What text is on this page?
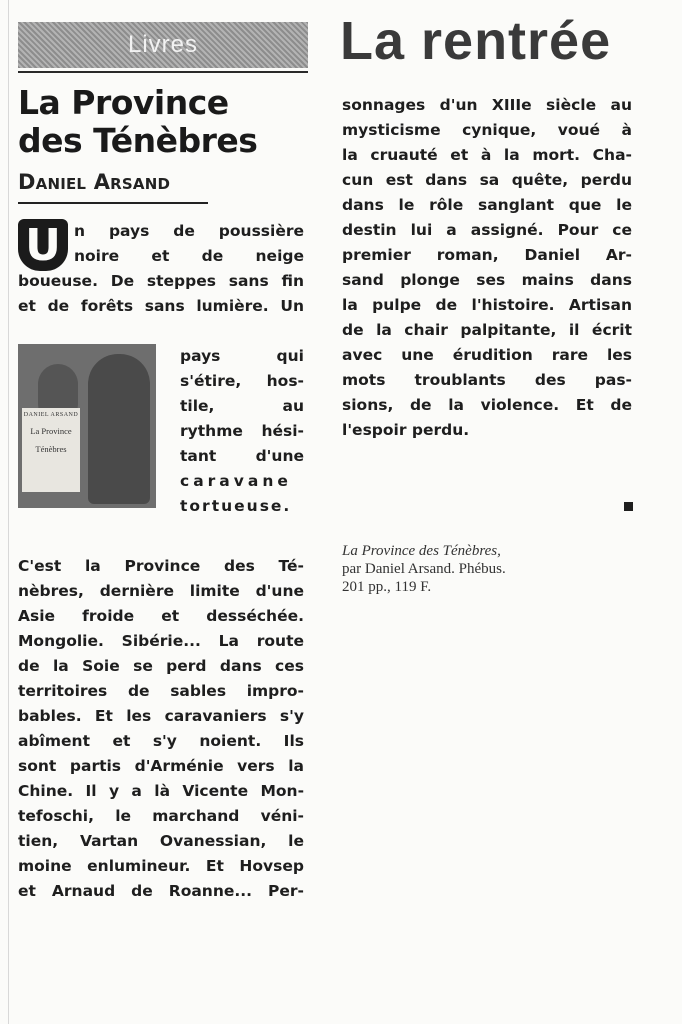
Livres	La rentrée
La Province
des Ténèbres
Daniel Arsand
U n pays de poussière
noire et de neige

boueuse. De steppes sans fin
et de forêts sans lumière. Un

DANIEL ARSAND
La Province
Ténèbres

pays qui
s'étire, hos-
tile, au
rythme hési-
tant d'une
caravane
tortueuse.

C'est la Province des Té-
nèbres, dernière limite d'une
Asie froide et desséchée.
Mongolie. Sibérie... La route
de la Soie se perd dans ces
territoires de sables impro-
bables. Et les caravaniers s'y
abîment et s'y noient. Ils
sont partis d'Arménie vers la
Chine. Il y a là Vicente Mon-
tefoschi, le marchand véni-
tien, Vartan Ovanessian, le
moine enlumineur. Et Hovsep
et Arnaud de Roanne... Per-

sonnages d'un XIIIe siècle au
mysticisme cynique, voué à
la cruauté et à la mort. Cha-
cun est dans sa quête, perdu
dans le rôle sanglant que le
destin lui a assigné. Pour ce
premier roman, Daniel Ar-
sand plonge ses mains dans
la pulpe de l'histoire. Artisan
de la chair palpitante, il écrit
avec une érudition rare les
mots troublants des pas-
sions, de la violence. Et de
l'espoir perdu.

La Province des Ténèbres,
par Daniel Arsand. Phébus.
201 pp., 119 F.
